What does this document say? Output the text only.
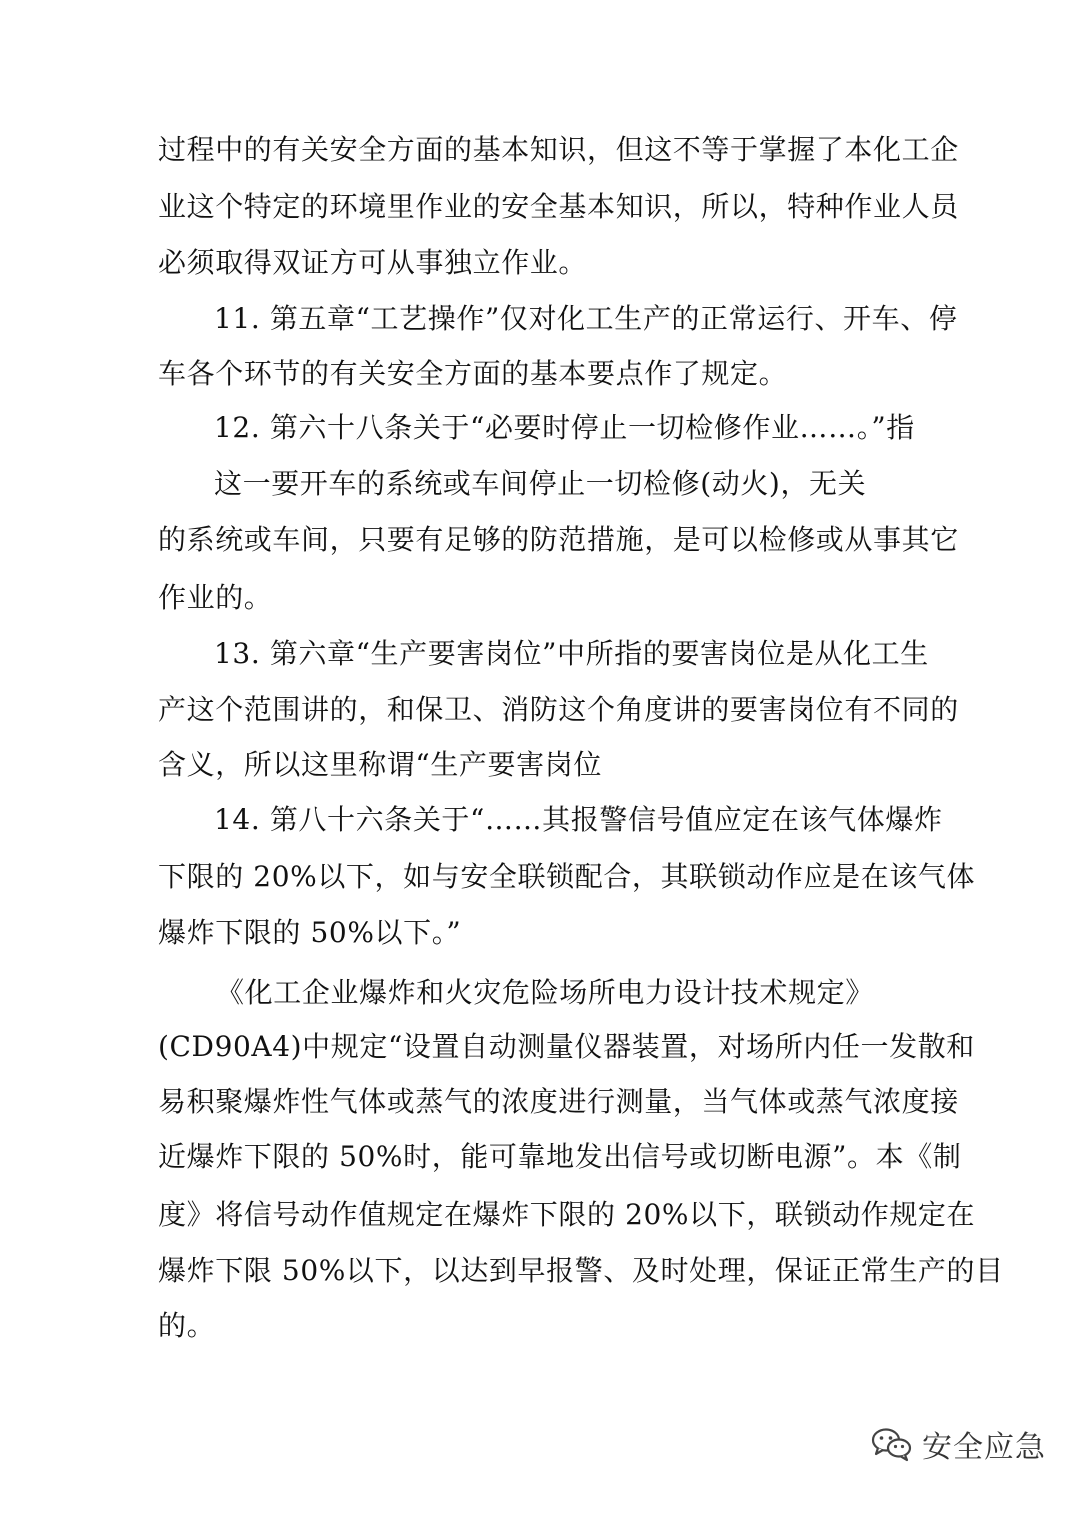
过程中的有关安全方面的基本知识，但这不等于掌握了本化工企
业这个特定的环境里作业的安全基本知识，所以，特种作业人员
必须取得双证方可从事独立作业。
11. 第五章“工艺操作”仅对化工生产的正常运行、开车、停
车各个环节的有关安全方面的基本要点作了规定。
12. 第六十八条关于“必要时停止一切检修作业……。”指
这一要开车的系统或车间停止一切检修(动火)，无关
的系统或车间，只要有足够的防范措施，是可以检修或从事其它
作业的。
13. 第六章“生产要害岗位”中所指的要害岗位是从化工生
产这个范围讲的，和保卫、消防这个角度讲的要害岗位有不同的
含义，所以这里称谓“生产要害岗位
14. 第八十六条关于“……其报警信号值应定在该气体爆炸
下限的 20%以下，如与安全联锁配合，其联锁动作应是在该气体
爆炸下限的 50%以下。”
《化工企业爆炸和火灾危险场所电力设计技术规定》
(CD90A4)中规定“设置自动测量仪器装置，对场所内任一发散和
易积聚爆炸性气体或蒸气的浓度进行测量，当气体或蒸气浓度接
近爆炸下限的 50%时，能可靠地发出信号或切断电源”。本《制
度》将信号动作值规定在爆炸下限的 20%以下，联锁动作规定在
爆炸下限 50%以下，以达到早报警、及时处理，保证正常生产的目
的。
安全应急
